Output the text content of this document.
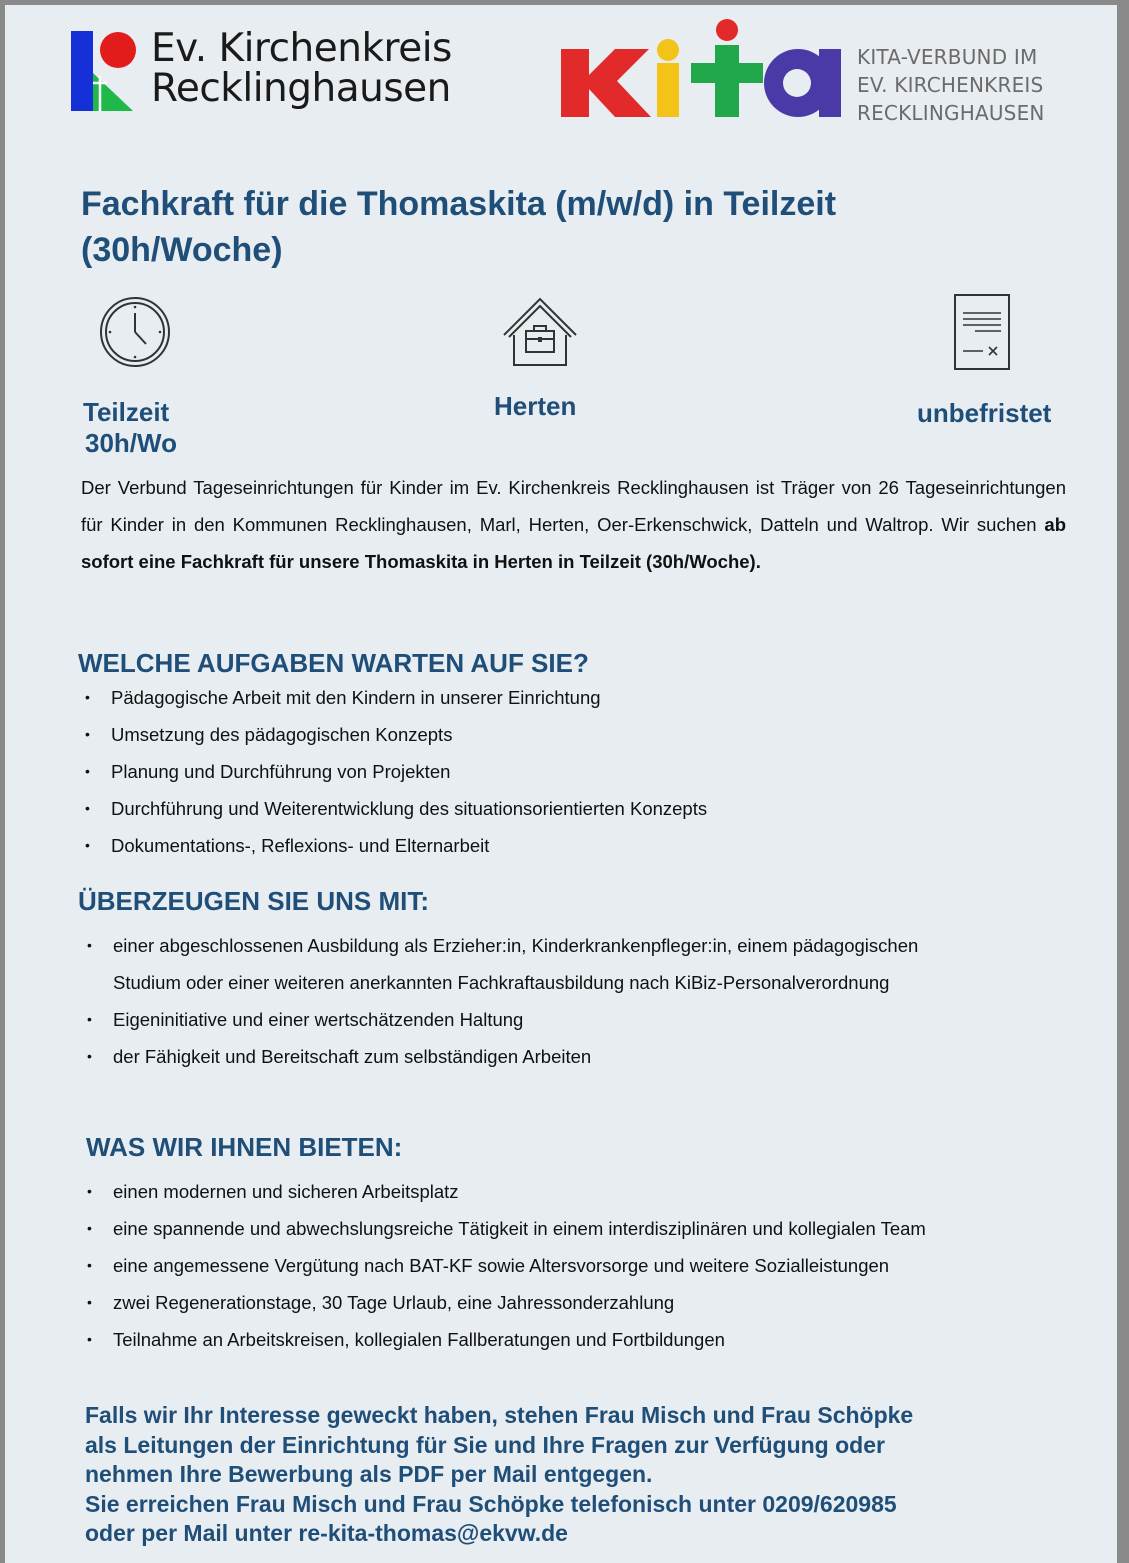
Ev. Kirchenkreis
Recklinghausen
KITA-VERBUND IM
EV. KIRCHENKREIS
RECKLINGHAUSEN
Fachkraft für die Thomaskita (m/w/d) in Teilzeit (30h/Woche)
Teilzeit
30h/Wo
Herten	unbefristet

Der Verbund Tageseinrichtungen für Kinder im Ev. Kirchenkreis Recklinghausen ist Träger von 26 Tageseinrichtungen für Kinder in den Kommunen Recklinghausen, Marl, Herten, Oer-Erkenschwick, Datteln und Waltrop. Wir suchen ab sofort eine Fachkraft für unsere Thomaskita in Herten in Teilzeit (30h/Woche).

WELCHE AUFGABEN WARTEN AUF SIE?
• Pädagogische Arbeit mit den Kindern in unserer Einrichtung
• Umsetzung des pädagogischen Konzepts
• Planung und Durchführung von Projekten
• Durchführung und Weiterentwicklung des situationsorientierten Konzepts
• Dokumentations-, Reflexions- und Elternarbeit
ÜBERZEUGEN SIE UNS MIT:
• einer abgeschlossenen Ausbildung als Erzieher:in, Kinderkrankenpfleger:in, einem pädagogischen Studium oder einer weiteren anerkannten Fachkraftausbildung nach KiBiz-Personalverordnung
• Eigeninitiative und einer wertschätzenden Haltung
• der Fähigkeit und Bereitschaft zum selbständigen Arbeiten
WAS WIR IHNEN BIETEN:
• einen modernen und sicheren Arbeitsplatz
• eine spannende und abwechslungsreiche Tätigkeit in einem interdisziplinären und kollegialen Team
• eine angemessene Vergütung nach BAT-KF sowie Altersvorsorge und weitere Sozialleistungen
• zwei Regenerationstage, 30 Tage Urlaub, eine Jahressonderzahlung
• Teilnahme an Arbeitskreisen, kollegialen Fallberatungen und Fortbildungen
Falls wir Ihr Interesse geweckt haben, stehen Frau Misch und Frau Schöpke
als Leitungen der Einrichtung für Sie und Ihre Fragen zur Verfügung oder
nehmen Ihre Bewerbung als PDF per Mail entgegen.
Sie erreichen Frau Misch und Frau Schöpke telefonisch unter 0209/620985
oder per Mail unter re-kita-thomas@ekvw.de
